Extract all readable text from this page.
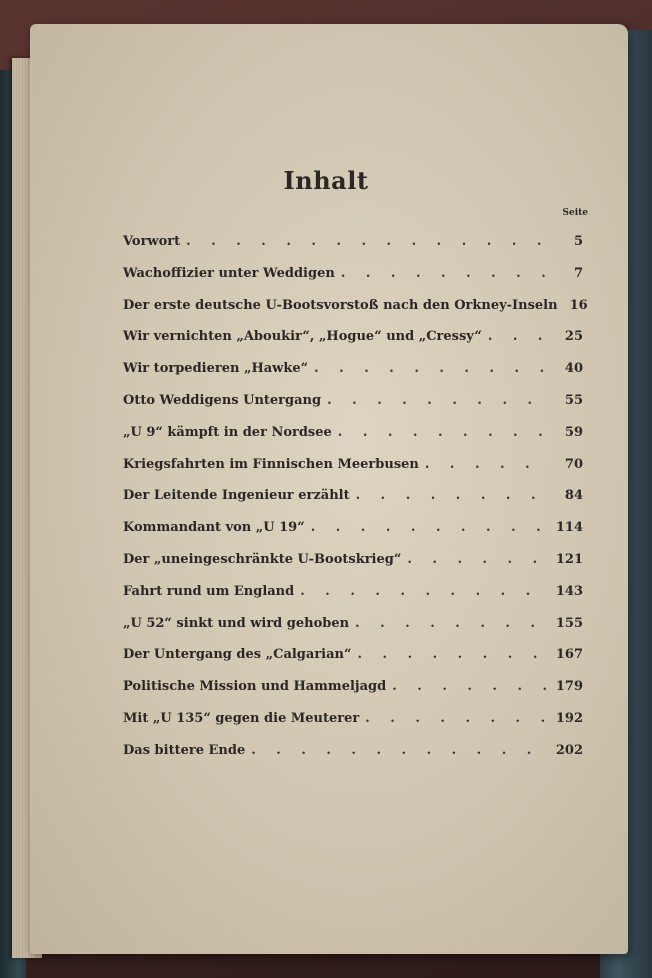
Inhalt
Seite
Vorwort . . .	5
Wachoffizier unter Weddigen . . .	7
Der erste deutsche U-Bootsvorstoß nach den Orkney-Inseln 16
Wir vernichten „Aboukir“, „Hogue“ und „Cressy“ . . .	25
Wir torpedieren „Hawke“ . . .	40
Otto Weddigens Untergang . . .	55
„U 9“ kämpft in der Nordsee . . .	59
Kriegsfahrten im Finnischen Meerbusen . . .	70
Der Leitende Ingenieur erzählt . . .	84
Kommandant von „U 19“ . . .	114
Der „uneingeschränkte U-Bootskrieg“ . . .	121
Fahrt rund um England . . .	143
„U 52“ sinkt und wird gehoben . . .	155
Der Untergang des „Calgarian“ . . .	167
Politische Mission und Hammeljagd . . .	179
Mit „U 135“ gegen die Meuterer . . .	192
Das bittere Ende . . .	202
